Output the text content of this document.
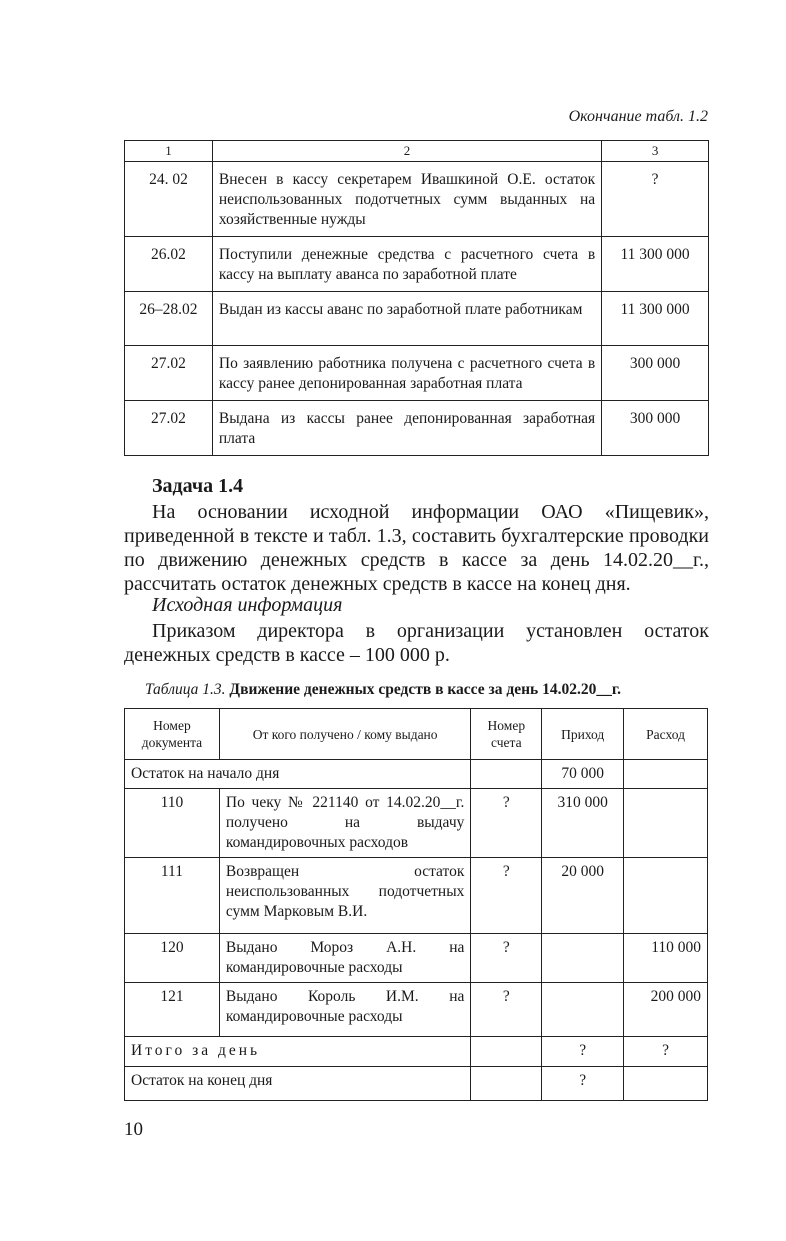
Окончание табл. 1.2
1	2	3
24. 02	Внесен в кассу секретарем Ивашкиной О.Е. остаток неиспользованных подотчетных сумм выданных на хозяйственные нужды	?
26.02	Поступили денежные средства с расчетного счета в кассу на выплату аванса по заработной плате	11 300 000
26–28.02	Выдан из кассы аванс по заработной плате работникам	11 300 000
27.02	По заявлению работника получена с расчетного счета в кассу ранее депонированная заработная плата	300 000
27.02	Выдана из кассы ранее депонированная заработная плата	300 000
Задача 1.4

На основании исходной информации ОАО «Пищевик», приведенной в тексте и табл. 1.3, составить бухгалтерские проводки по движению денежных средств в кассе за день 14.02.20__г., рассчитать остаток денежных средств в кассе на конец дня.

Исходная информация

Приказом директора в организации установлен остаток денежных средств в кассе – 100 000 р.

Таблица 1.3. Движение денежных средств в кассе за день 14.02.20__г.
Номер документа	От кого получено / кому выдано	Номер счета	Приход	Расход
Остаток на начало дня			70 000	
110	По чеку № 221140 от 14.02.20__г. получено на выдачу командировочных расходов	?	310 000	
111	Возвращен остаток неиспользованных подотчетных сумм Марковым В.И.	?	20 000	
120	Выдано Мороз А.Н. на командировочные расходы	?		110 000
121	Выдано Король И.М. на командировочные расходы	?		200 000
Итого за день			?	?
Остаток на конец дня			?	
10
